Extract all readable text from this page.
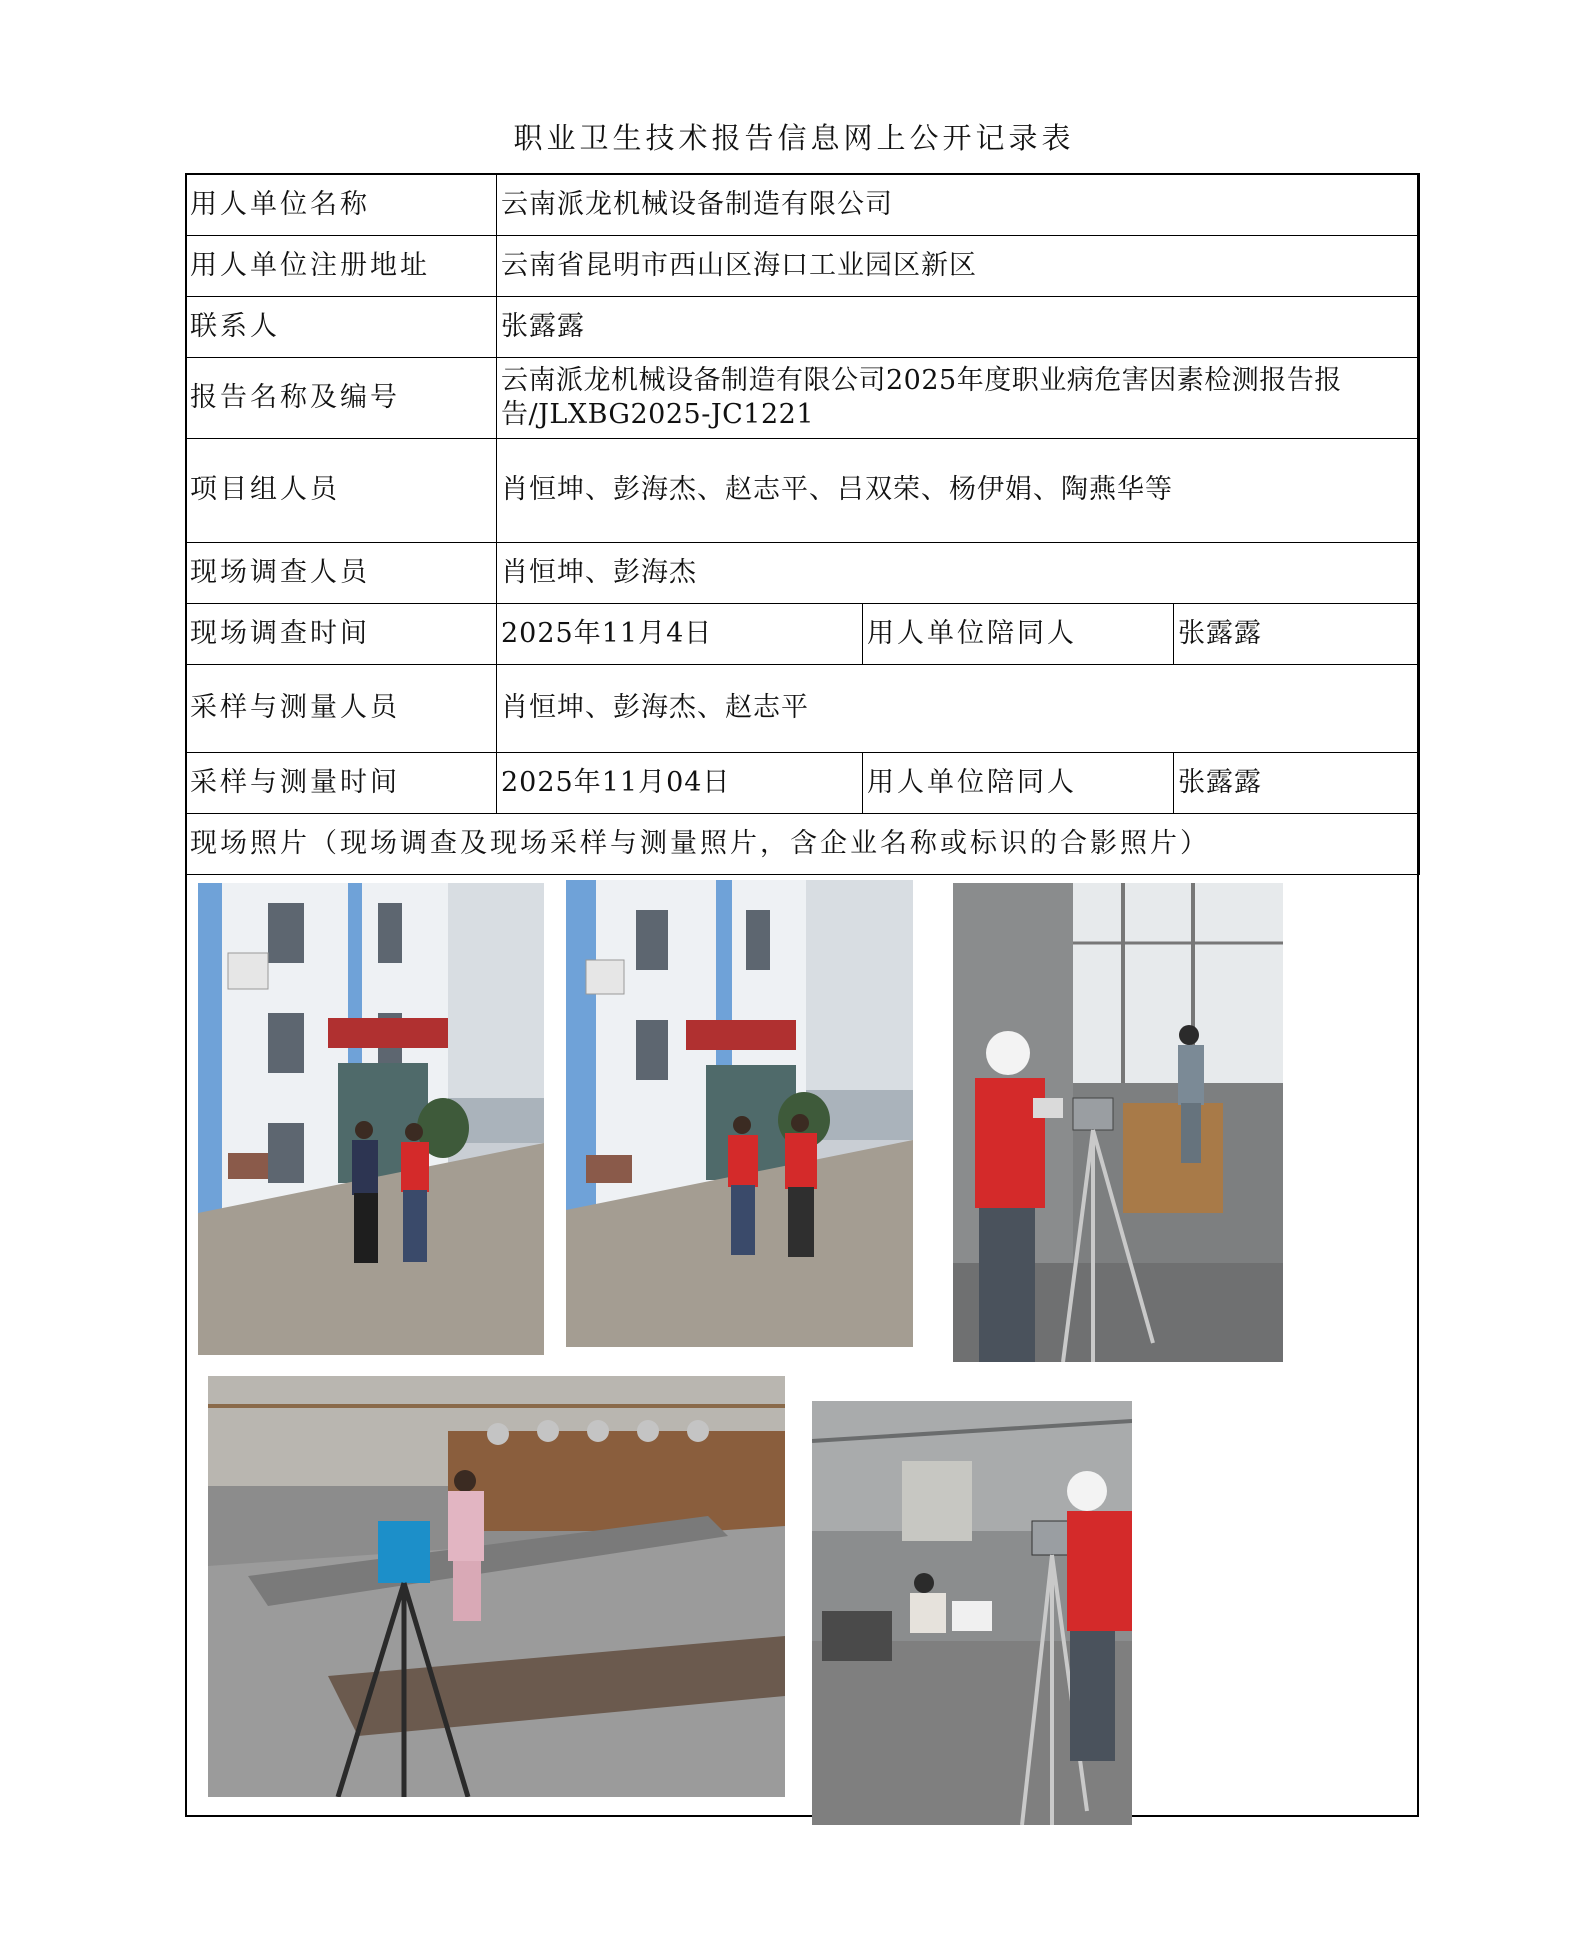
职业卫生技术报告信息网上公开记录表
用人单位名称	云南派龙机械设备制造有限公司		
用人单位注册地址	云南省昆明市西山区海口工业园区新区		
联系人	张露露		
报告名称及编号	云南派龙机械设备制造有限公司2025年度职业病危害因素检测报告报告/JLXBG2025-JC1221		
项目组人员	肖恒坤、彭海杰、赵志平、吕双荣、杨伊娟、陶燕华等		
现场调查人员	肖恒坤、彭海杰		
现场调查时间	2025年11月4日	用人单位陪同人	张露露
采样与测量人员	肖恒坤、彭海杰、赵志平		
采样与测量时间	2025年11月04日	用人单位陪同人	张露露
现场照片（现场调查及现场采样与测量照片，含企业名称或标识的合影照片）			
